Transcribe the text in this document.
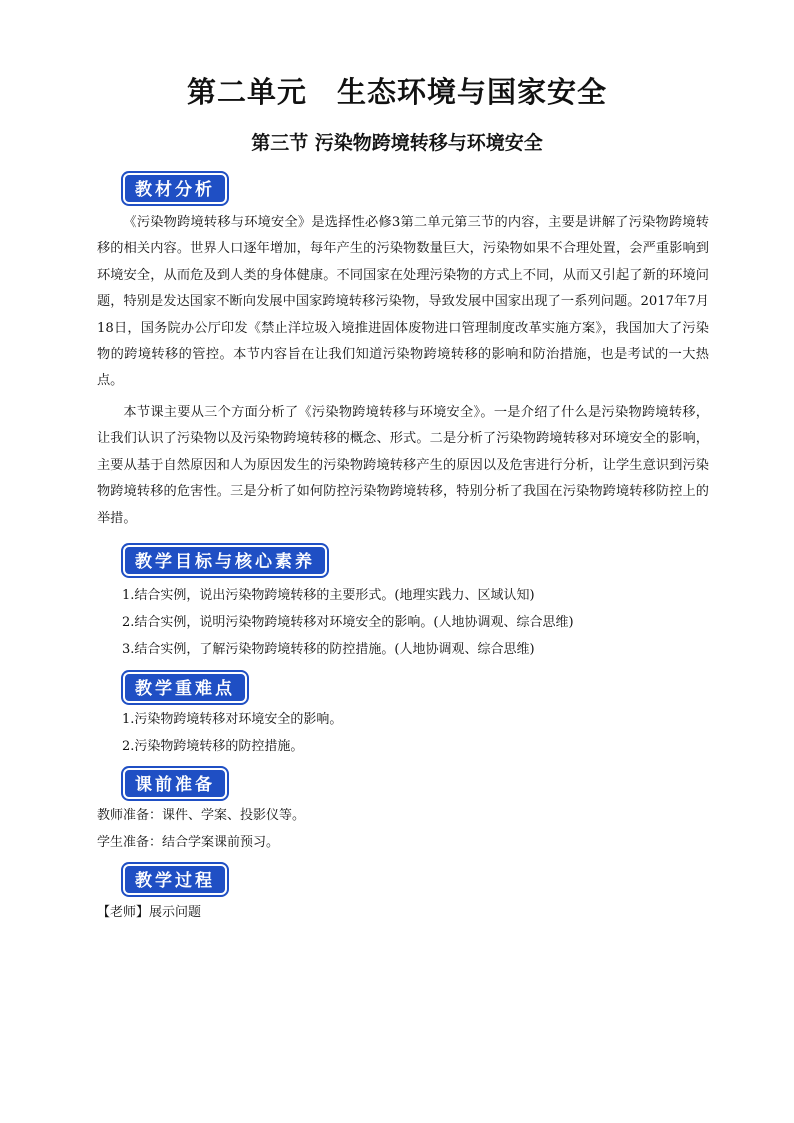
第二单元　生态环境与国家安全
第三节 污染物跨境转移与环境安全
教材分析

《污染物跨境转移与环境安全》是选择性必修3第二单元第三节的内容，主要是讲解了污染物跨境转移的相关内容。世界人口逐年增加，每年产生的污染物数量巨大，污染物如果不合理处置，会严重影响到环境安全，从而危及到人类的身体健康。不同国家在处理污染物的方式上不同，从而又引起了新的环境问题，特别是发达国家不断向发展中国家跨境转移污染物，导致发展中国家出现了一系列问题。2017年7月18日，国务院办公厅印发《禁止洋垃圾入境推进固体废物进口管理制度改革实施方案》，我国加大了污染物的跨境转移的管控。本节内容旨在让我们知道污染物跨境转移的影响和防治措施，也是考试的一大热点。

本节课主要从三个方面分析了《污染物跨境转移与环境安全》。一是介绍了什么是污染物跨境转移，让我们认识了污染物以及污染物跨境转移的概念、形式。二是分析了污染物跨境转移对环境安全的影响，主要从基于自然原因和人为原因发生的污染物跨境转移产生的原因以及危害进行分析，让学生意识到污染物跨境转移的危害性。三是分析了如何防控污染物跨境转移，特别分析了我国在污染物跨境转移防控上的举措。

教学目标与核心素养

1.结合实例，说出污染物跨境转移的主要形式。(地理实践力、区域认知)

2.结合实例，说明污染物跨境转移对环境安全的影响。(人地协调观、综合思维)

3.结合实例，了解污染物跨境转移的防控措施。(人地协调观、综合思维)

教学重难点

1.污染物跨境转移对环境安全的影响。

2.污染物跨境转移的防控措施。

课前准备

教师准备：课件、学案、投影仪等。

学生准备：结合学案课前预习。

教学过程

【老师】展示问题
